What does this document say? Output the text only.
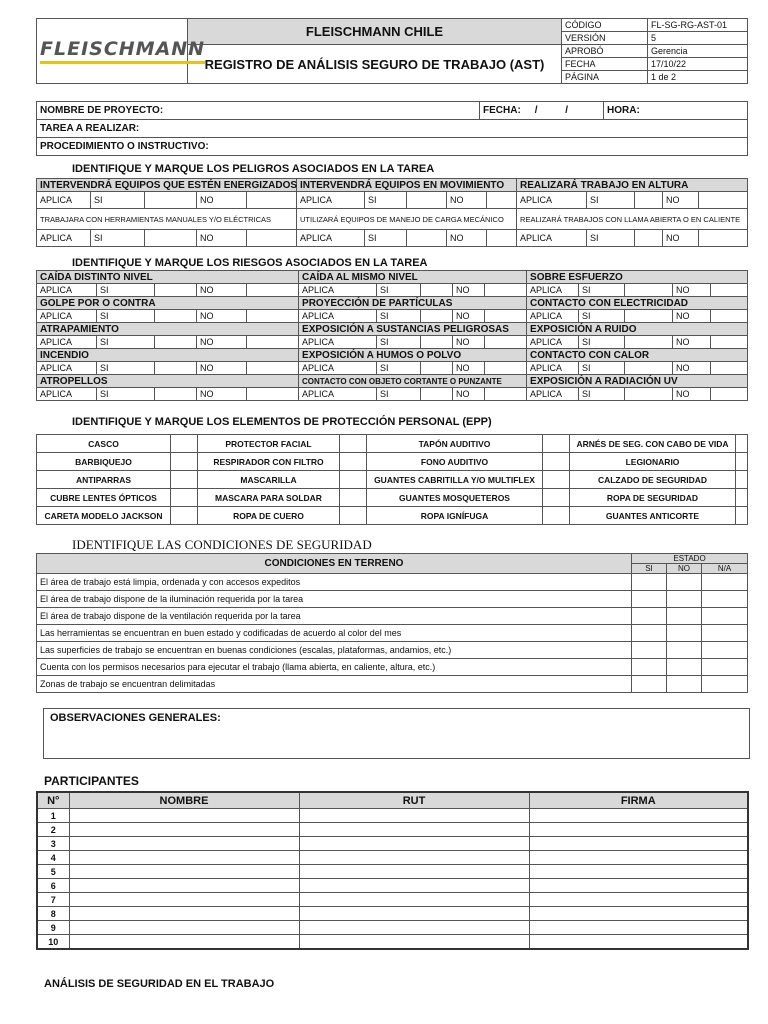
FLEISCHMANN	FLEISCHMANN CHILE	CÓDIGO	FL-SG-RG-AST-01
		VERSIÓN	5
	REGISTRO DE ANÁLISIS SEGURO DE TRABAJO (AST)	APROBÓ	Gerencia
		FECHA	17/10/22
		PÁGINA	1 de 2
NOMBRE DE PROYECTO:	FECHA: /          /	HORA:
TAREA A REALIZAR:
PROCEDIMIENTO O INSTRUCTIVO:
IDENTIFIQUE Y MARQUE LOS PELIGROS ASOCIADOS EN LA TAREA
INTERVENDRÁ EQUIPOS QUE ESTÉN ENERGIZADOS					INTERVENDRÁ EQUIPOS EN MOVIMIENTO					REALIZARÁ TRABAJO EN ALTURA				
APLICA	SI		NO		APLICA	SI		NO		APLICA	SI		NO	
TRABAJARA CON HERRAMIENTAS MANUALES Y/O ELÉCTRICAS					UTILIZARÁ EQUIPOS DE MANEJO DE CARGA MECÁNICO					REALIZARÁ TRABAJOS CON LLAMA ABIERTA O EN CALIENTE				
APLICA	SI		NO		APLICA	SI		NO		APLICA	SI		NO	
IDENTIFIQUE Y MARQUE LOS RIESGOS ASOCIADOS EN LA TAREA
CAÍDA DISTINTO NIVEL					CAÍDA AL MISMO NIVEL					SOBRE ESFUERZO				
APLICA	SI		NO		APLICA	SI		NO		APLICA	SI		NO	
GOLPE POR O CONTRA					PROYECCIÓN DE PARTÍCULAS					CONTACTO CON ELECTRICIDAD				
APLICA	SI		NO		APLICA	SI		NO		APLICA	SI		NO	
ATRAPAMIENTO					EXPOSICIÓN A SUSTANCIAS PELIGROSAS					EXPOSICIÓN A RUIDO				
APLICA	SI		NO		APLICA	SI		NO		APLICA	SI		NO	
INCENDIO					EXPOSICIÓN A HUMOS O POLVO					CONTACTO CON CALOR				
APLICA	SI		NO		APLICA	SI		NO		APLICA	SI		NO	
ATROPELLOS					CONTACTO CON OBJETO CORTANTE O PUNZANTE					EXPOSICIÓN A RADIACIÓN UV				
APLICA	SI		NO		APLICA	SI		NO		APLICA	SI		NO	
IDENTIFIQUE Y MARQUE LOS ELEMENTOS DE PROTECCIÓN PERSONAL (EPP)
CASCO		PROTECTOR FACIAL		TAPÓN AUDITIVO		ARNÉS DE SEG. CON CABO DE VIDA	
BARBIQUEJO		RESPIRADOR CON FILTRO		FONO AUDITIVO		LEGIONARIO	
ANTIPARRAS		MASCARILLA		GUANTES CABRITILLA Y/O MULTIFLEX		CALZADO DE SEGURIDAD	
CUBRE LENTES ÓPTICOS		MASCARA PARA SOLDAR		GUANTES MOSQUETEROS		ROPA DE SEGURIDAD	
CARETA MODELO JACKSON		ROPA DE CUERO		ROPA IGNÍFUGA		GUANTES ANTICORTE	
IDENTIFIQUE LAS CONDICIONES DE SEGURIDAD
CONDICIONES EN TERRENO	ESTADO		
	SI	NO	N/A
El área de trabajo está limpia, ordenada y con accesos expeditos			
El área de trabajo dispone de la iluminación requerida por la tarea			
El área de trabajo dispone de la ventilación requerida por la tarea			
Las herramientas se encuentran en buen estado y codificadas de acuerdo al color del mes			
Las superficies de trabajo se encuentran en buenas condiciones (escalas, plataformas, andamios, etc.)			
Cuenta con los permisos necesarios para ejecutar el trabajo (llama abierta, en caliente, altura, etc.)			
Zonas de trabajo se encuentran delimitadas			
OBSERVACIONES GENERALES:
PARTICIPANTES
N°	NOMBRE	RUT	FIRMA
1			
2			
3			
4			
5			
6			
7			
8			
9			
10			
ANÁLISIS DE SEGURIDAD EN EL TRABAJO
